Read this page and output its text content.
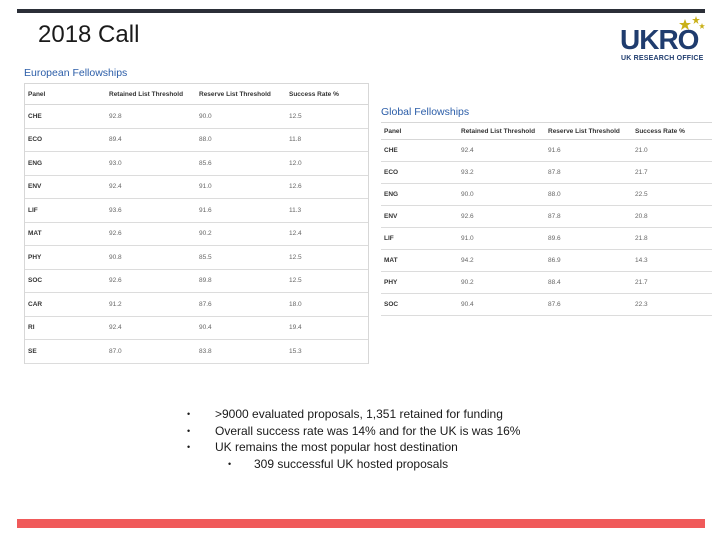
2018 Call	UKRO
UK RESEARCH OFFICE
European Fellowships
Panel	Retained List Threshold	Reserve List Threshold	Success Rate %
CHE	92.8	90.0	12.5
ECO	89.4	88.0	11.8
ENG	93.0	85.6	12.0
ENV	92.4	91.0	12.6
LIF	93.6	91.6	11.3
MAT	92.6	90.2	12.4
PHY	90.8	85.5	12.5
SOC	92.6	89.8	12.5
CAR	91.2	87.6	18.0
RI	92.4	90.4	19.4
SE	87.0	83.8	15.3
Global Fellowships
Panel	Retained List Threshold	Reserve List Threshold	Success Rate %
CHE	92.4	91.6	21.0
ECO	93.2	87.8	21.7
ENG	90.0	88.0	22.5
ENV	92.6	87.8	20.8
LIF	91.0	89.6	21.8
MAT	94.2	86.9	14.3
PHY	90.2	88.4	21.7
SOC	90.4	87.6	22.3
• >9000 evaluated proposals, 1,351 retained for funding
• Overall success rate was 14% and for the UK is was 16%
• UK remains the most popular host destination
• 309 successful UK hosted proposals
